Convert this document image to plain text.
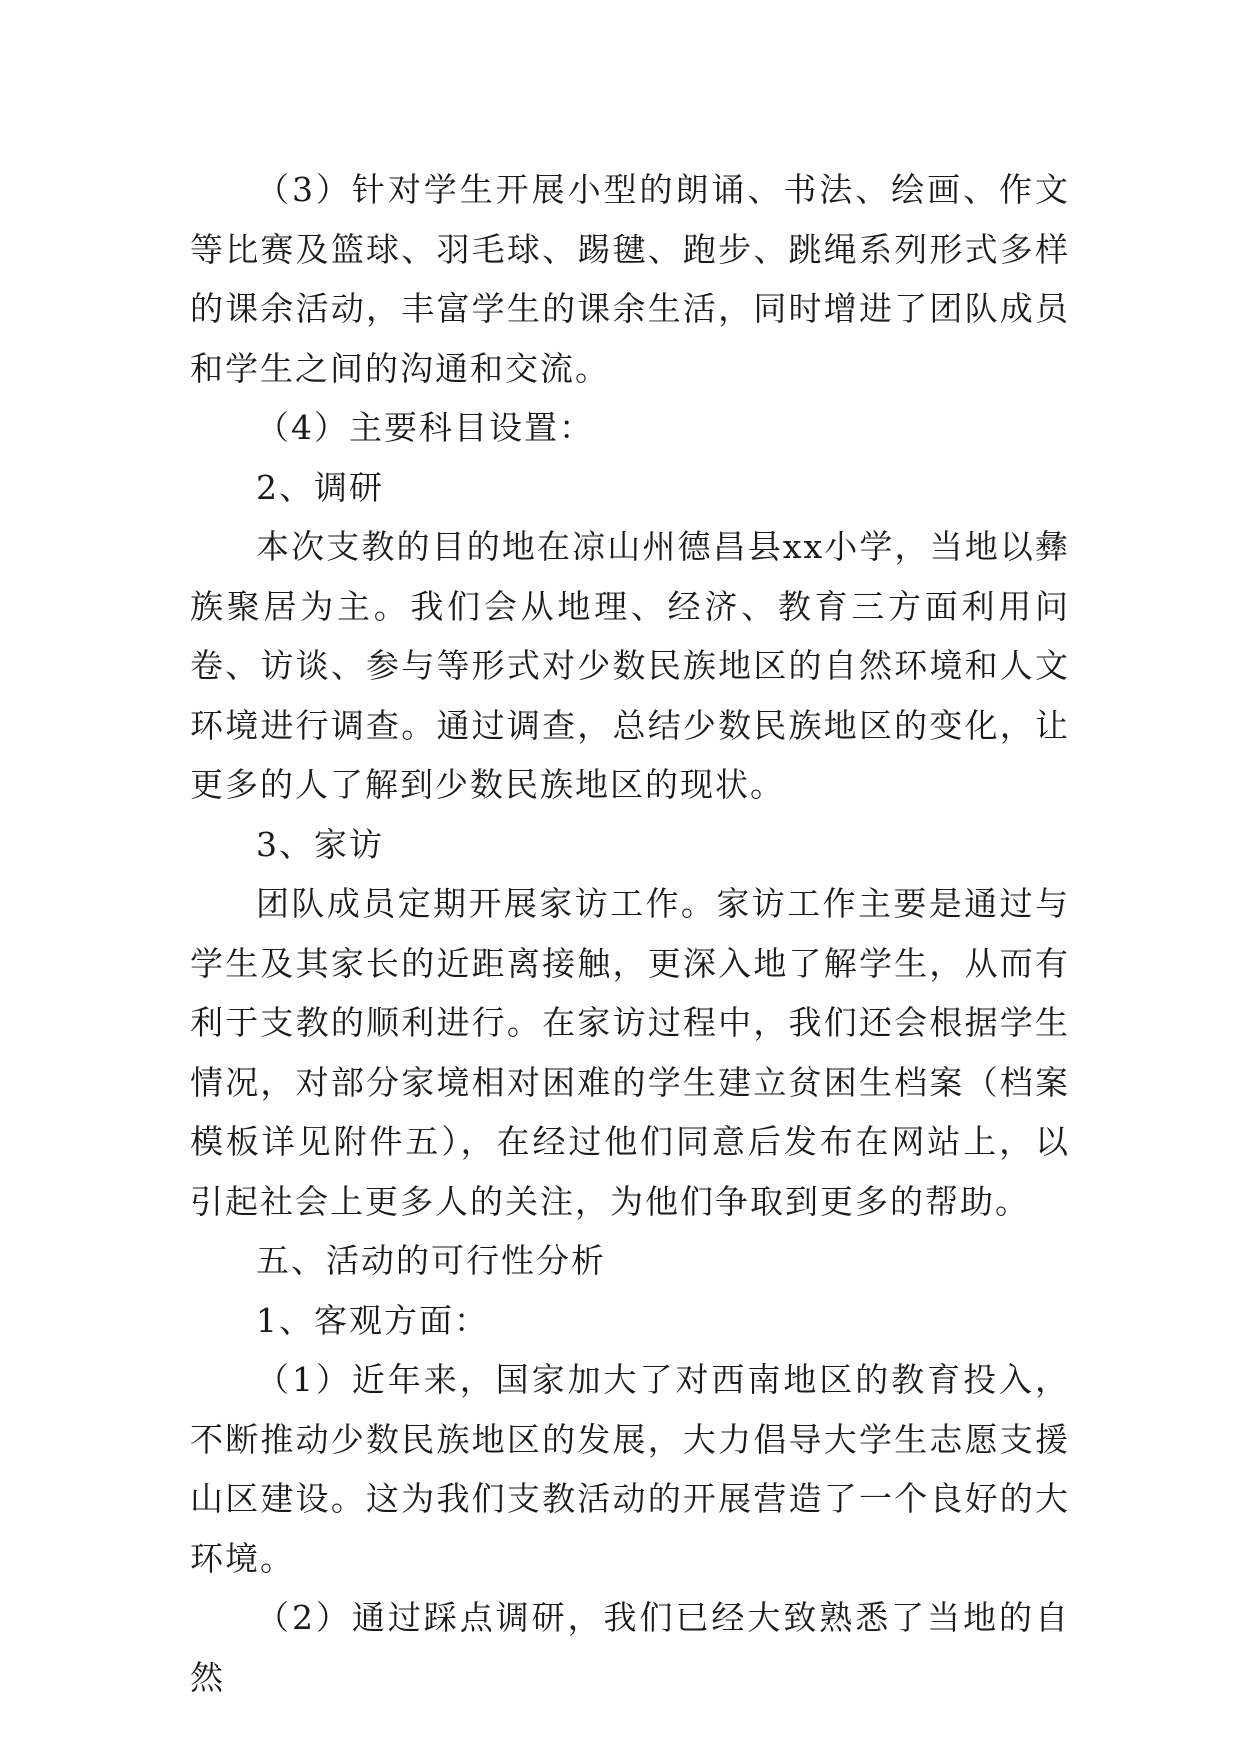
（3）针对学生开展小型的朗诵、书法、绘画、作文等比赛及篮球、羽毛球、踢毽、跑步、跳绳系列形式多样的课余活动，丰富学生的课余生活，同时增进了团队成员和学生之间的沟通和交流。

（4）主要科目设置：

2、调研

本次支教的目的地在凉山州德昌县xx小学，当地以彝族聚居为主。我们会从地理、经济、教育三方面利用问卷、访谈、参与等形式对少数民族地区的自然环境和人文环境进行调查。通过调查，总结少数民族地区的变化，让更多的人了解到少数民族地区的现状。

3、家访

团队成员定期开展家访工作。家访工作主要是通过与学生及其家长的近距离接触，更深入地了解学生，从而有利于支教的顺利进行。在家访过程中，我们还会根据学生情况，对部分家境相对困难的学生建立贫困生档案（档案模板详见附件五），在经过他们同意后发布在网站上，以引起社会上更多人的关注，为他们争取到更多的帮助。

五、活动的可行性分析

1、客观方面：

（1）近年来，国家加大了对西南地区的教育投入，不断推动少数民族地区的发展，大力倡导大学生志愿支援山区建设。这为我们支教活动的开展营造了一个良好的大环境。

（2）通过踩点调研，我们已经大致熟悉了当地的自然
